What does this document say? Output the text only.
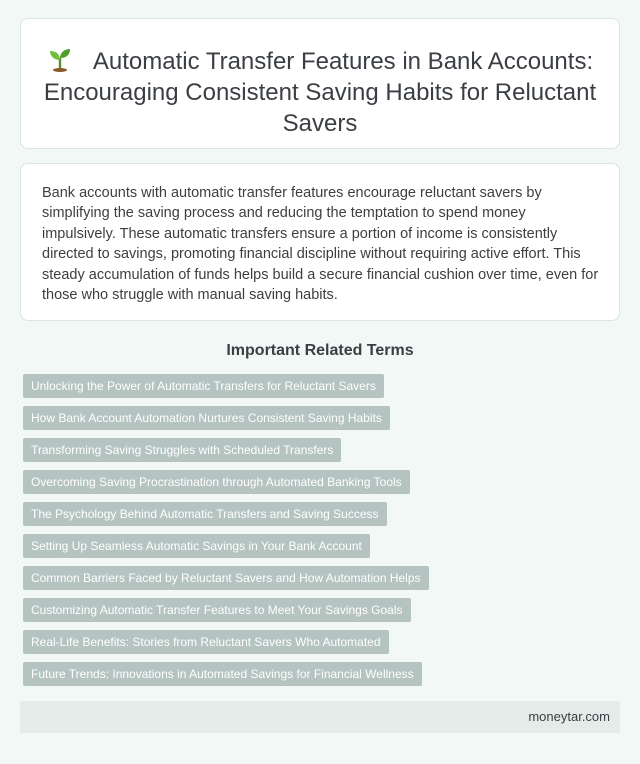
Automatic Transfer Features in Bank Accounts: Encouraging Consistent Saving Habits for Reluctant Savers

Bank accounts with automatic transfer features encourage reluctant savers by simplifying the saving process and reducing the temptation to spend money impulsively. These automatic transfers ensure a portion of income is consistently directed to savings, promoting financial discipline without requiring active effort. This steady accumulation of funds helps build a secure financial cushion over time, even for those who struggle with manual saving habits.

Important Related Terms
Unlocking the Power of Automatic Transfers for Reluctant Savers
How Bank Account Automation Nurtures Consistent Saving Habits
Transforming Saving Struggles with Scheduled Transfers
Overcoming Saving Procrastination through Automated Banking Tools
The Psychology Behind Automatic Transfers and Saving Success
Setting Up Seamless Automatic Savings in Your Bank Account
Common Barriers Faced by Reluctant Savers and How Automation Helps
Customizing Automatic Transfer Features to Meet Your Savings Goals
Real-Life Benefits: Stories from Reluctant Savers Who Automated
Future Trends: Innovations in Automated Savings for Financial Wellness
moneytar.com
